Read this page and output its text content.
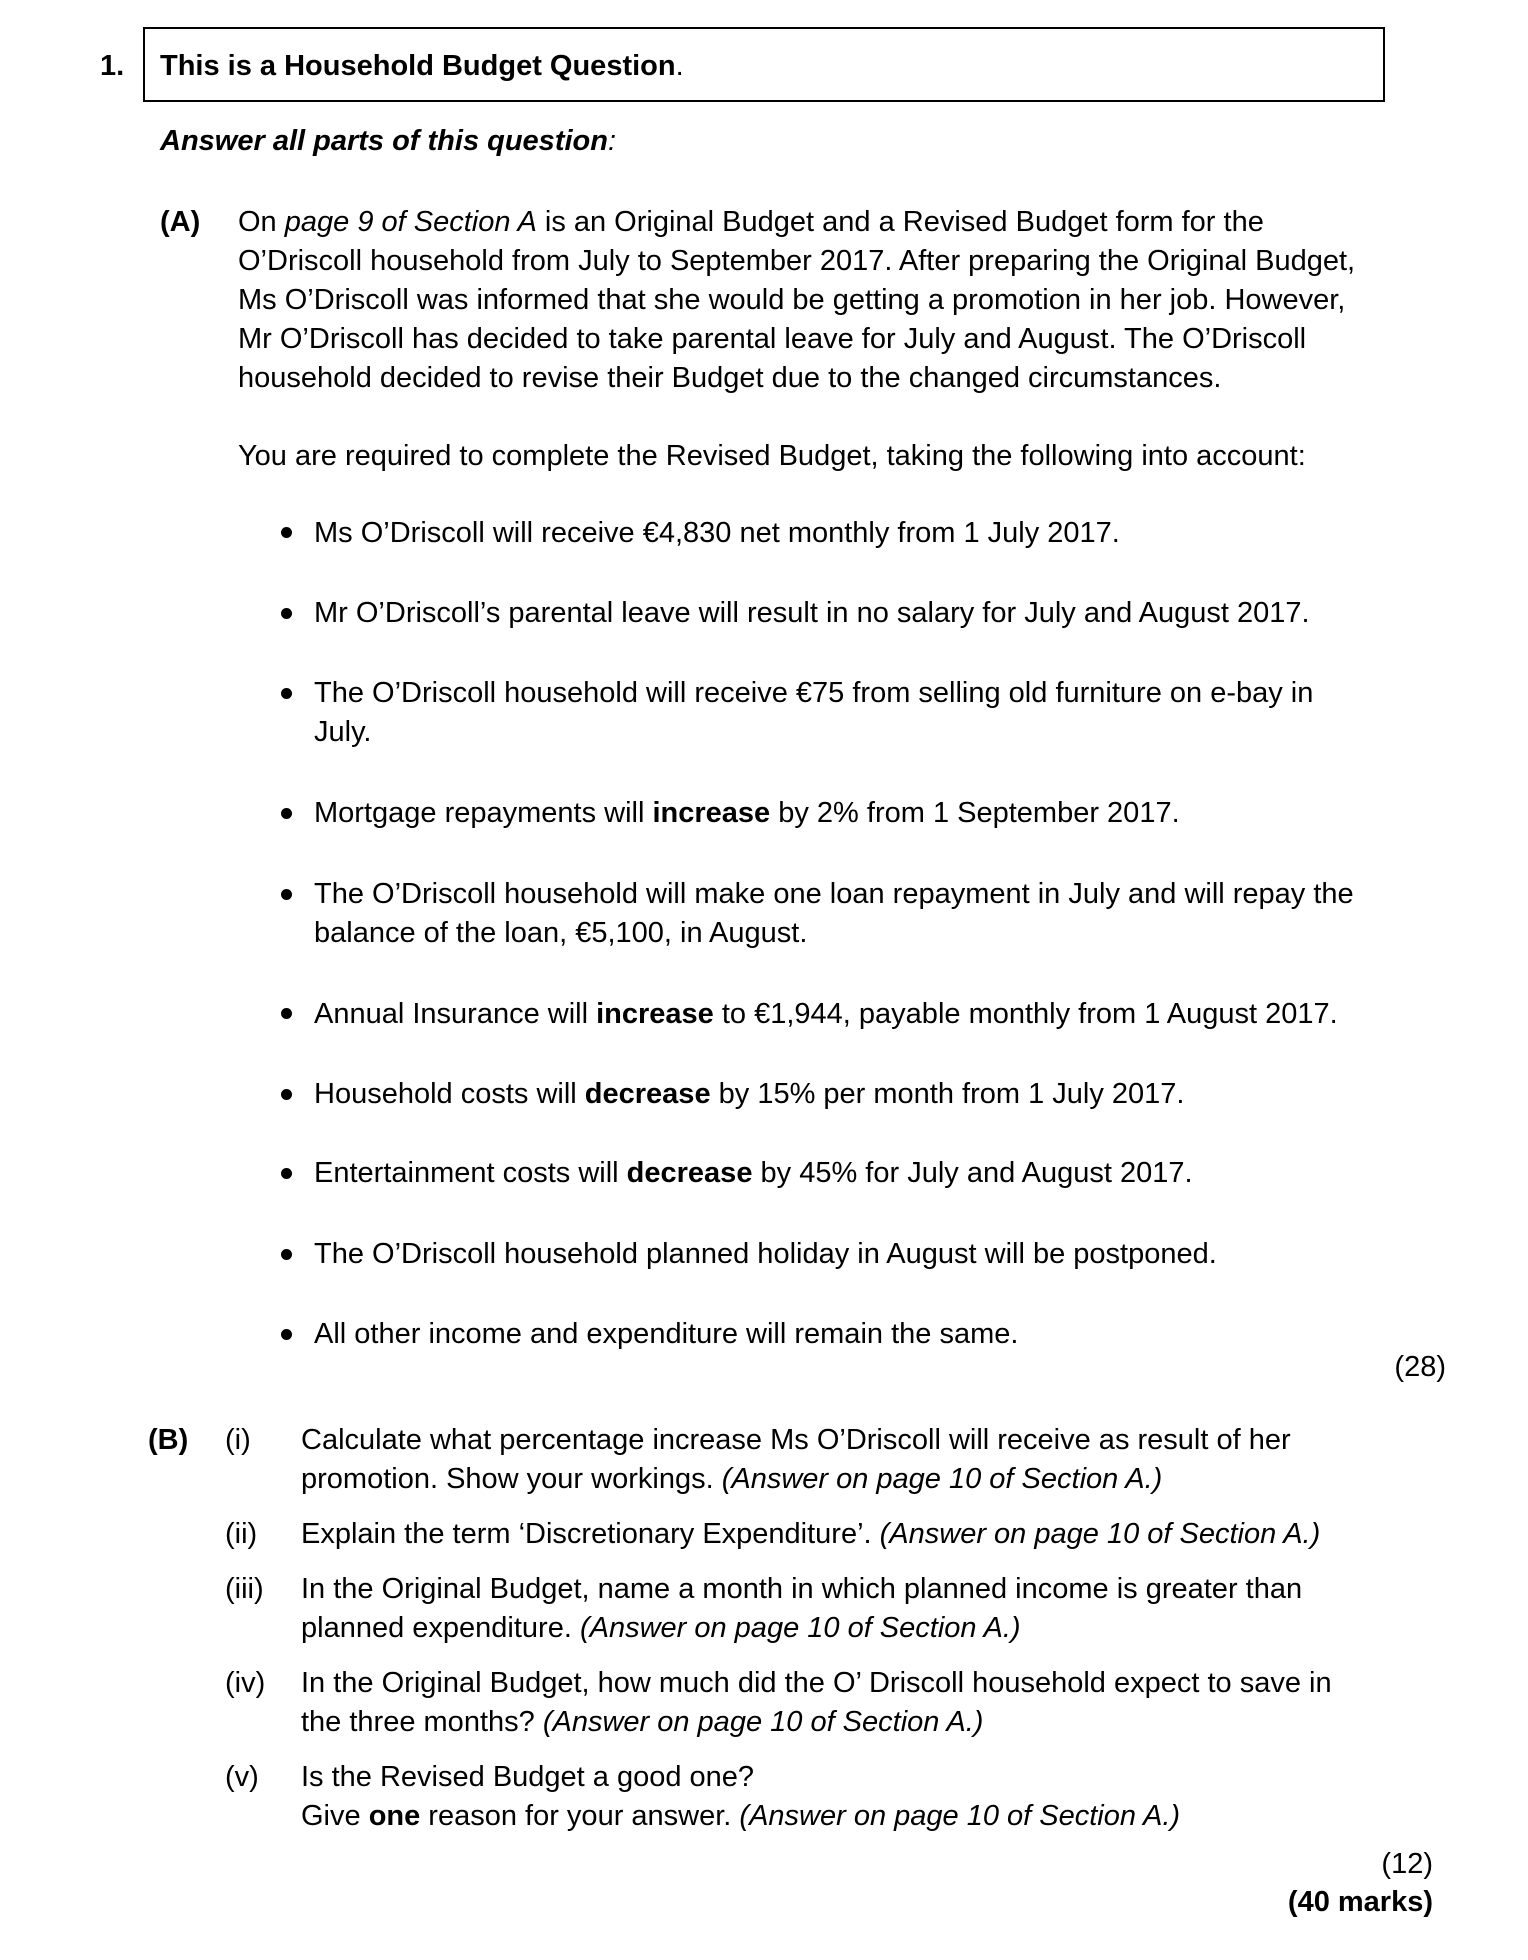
1. This is a Household Budget Question.
Answer all parts of this question:
(A) On page 9 of Section A is an Original Budget and a Revised Budget form for the
O’Driscoll household from July to September 2017. After preparing the Original Budget,
Ms O’Driscoll was informed that she would be getting a promotion in her job. However,
Mr O’Driscoll has decided to take parental leave for July and August. The O’Driscoll
household decided to revise their Budget due to the changed circumstances.
You are required to complete the Revised Budget, taking the following into account:
Ms O’Driscoll will receive €4,830 net monthly from 1 July 2017.
Mr O’Driscoll’s parental leave will result in no salary for July and August 2017.
The O’Driscoll household will receive €75 from selling old furniture on e-bay in
July.
Mortgage repayments will increase by 2% from 1 September 2017.
The O’Driscoll household will make one loan repayment in July and will repay the
balance of the loan, €5,100, in August.
Annual Insurance will increase to €1,944, payable monthly from 1 August 2017.
Household costs will decrease by 15% per month from 1 July 2017.
Entertainment costs will decrease by 45% for July and August 2017.
The O’Driscoll household planned holiday in August will be postponed.
All other income and expenditure will remain the same.
(28)
(B) (i) Calculate what percentage increase Ms O’Driscoll will receive as result of her
promotion. Show your workings. (Answer on page 10 of Section A.)
(ii) Explain the term ‘Discretionary Expenditure’. (Answer on page 10 of Section A.)
(iii) In the Original Budget, name a month in which planned income is greater than
planned expenditure. (Answer on page 10 of Section A.)
(iv) In the Original Budget, how much did the O’ Driscoll household expect to save in
the three months? (Answer on page 10 of Section A.)
(v) Is the Revised Budget a good one?
Give one reason for your answer. (Answer on page 10 of Section A.)
(12)
(40 marks)
